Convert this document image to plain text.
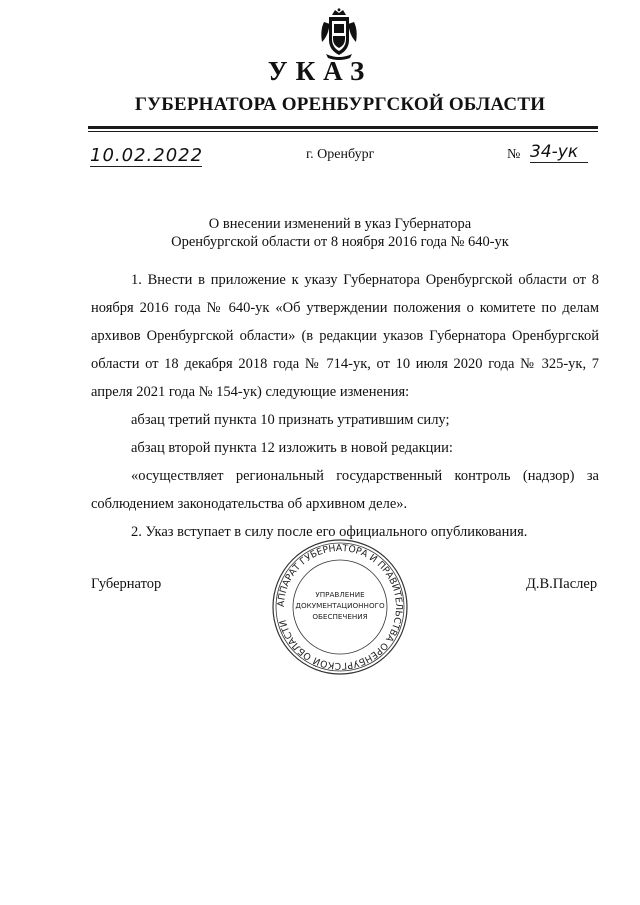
УКАЗ
ГУБЕРНАТОРА ОРЕНБУРГСКОЙ ОБЛАСТИ
10.02.2022	г. Оренбург	№ 34-ук
О внесении изменений в указ Губернатора
Оренбургской области от 8 ноября 2016 года № 640-ук

1. Внести в приложение к указу Губернатора Оренбургской области от 8 ноября 2016 года № 640-ук «Об утверждении положения о комитете по делам архивов Оренбургской области» (в редакции указов Губернатора Оренбургской области от 18 декабря 2018 года № 714-ук, от 10 июля 2020 года № 325-ук, 7 апреля 2021 года № 154-ук) следующие изменения:

абзац третий пункта 10 признать утратившим силу;

абзац второй пункта 12 изложить в новой редакции:

«осуществляет региональный государственный контроль (надзор) за соблюдением законодательства об архивном деле».

2. Указ вступает в силу после его официального опубликования.

Губернатор	Д.В.Паслер
АППАРАТ ГУБЕРНАТОРА И ПРАВИТЕЛЬСТВА ОРЕНБУРГСКОЙ ОБЛАСТИ
УПРАВЛЕНИЕ
ДОКУМЕНТАЦИОННОГО
ОБЕСПЕЧЕНИЯ
